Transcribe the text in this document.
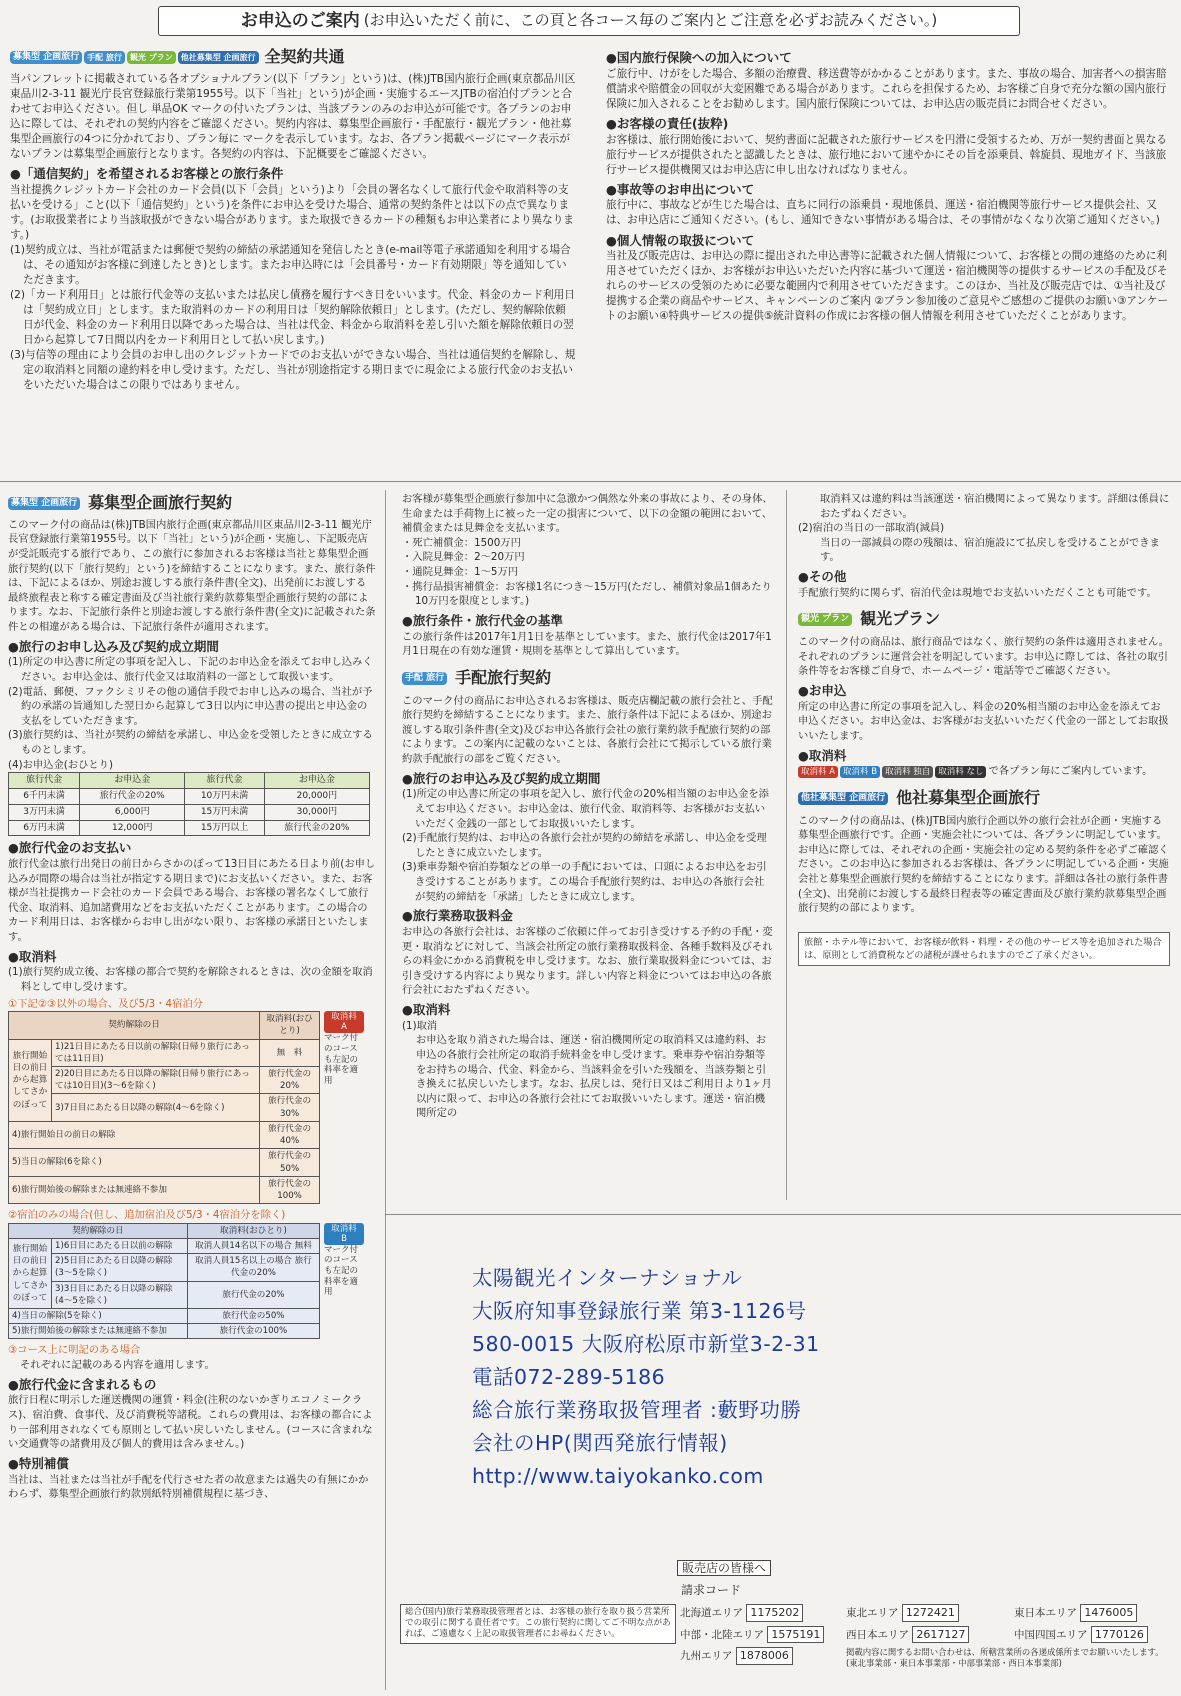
お申込のご案内 (お申込いただく前に、この頁と各コース毎のご案内とご注意を必ずお読みください。)
募集型 企画旅行	手配 旅行	観光 プラン	他社募集型 企画旅行 全契約共通

当パンフレットに掲載されている各オプショナルプラン(以下「プラン」という)は、(株)JTB国内旅行企画(東京都品川区東品川2-3-11 観光庁長官登録旅行業第1955号。以下「当社」という)が企画・実施するエースJTBの宿泊付プランと合わせてお申込ください。但し 単品OK マークの付いたプランは、当該プランのみのお申込が可能です。各プランのお申込に際しては、それぞれの契約内容をご確認ください。契約内容は、募集型企画旅行・手配旅行・観光プラン・他社募集型企画旅行の4つに分かれており、プラン毎に マークを表示しています。なお、各プラン掲載ページにマーク表示がないプランは募集型企画旅行となります。各契約の内容は、下記概要をご確認ください。

●「通信契約」を希望されるお客様との旅行条件

当社提携クレジットカード会社のカード会員(以下「会員」という)より「会員の署名なくして旅行代金や取消料等の支払いを受ける」こと(以下「通信契約」という)を条件にお申込を受けた場合、通常の契約条件とは以下の点で異なります。(お取扱業者により当該取扱ができない場合があります。また取扱できるカードの種類もお申込業者により異なります。)

(1)契約成立は、当社が電話または郵便で契約の締結の承諾通知を発信したとき(e-mail等電子承諾通知を利用する場合は、その通知がお客様に到達したとき)とします。またお申込時には「会員番号・カード有効期限」等を通知していただきます。

(2)「カード利用日」とは旅行代金等の支払いまたは払戻し債務を履行すべき日をいいます。代金、料金のカード利用日は「契約成立日」とします。また取消料のカードの利用日は「契約解除依頼日」とします。(ただし、契約解除依頼日が代金、料金のカード利用日以降であった場合は、当社は代金、料金から取消料を差し引いた額を解除依頼日の翌日から起算して7日間以内をカード利用日として払い戻します。)

(3)与信等の理由により会員のお申し出のクレジットカードでのお支払いができない場合、当社は通信契約を解除し、規定の取消料と同額の違約料を申し受けます。ただし、当社が別途指定する期日までに現金による旅行代金のお支払いをいただいた場合はこの限りではありません。

●国内旅行保険への加入について

ご旅行中、けがをした場合、多額の治療費、移送費等がかかることがあります。また、事故の場合、加害者への損害賠償請求や賠償金の回収が大変困難である場合があります。これらを担保するため、お客様ご自身で充分な額の国内旅行保険に加入されることをお勧めします。国内旅行保険については、お申込店の販売員にお問合せください。

●お客様の責任(抜粋)

お客様は、旅行開始後において、契約書面に記載された旅行サービスを円滑に受領するため、万が一契約書面と異なる旅行サービスが提供されたと認識したときは、旅行地において速やかにその旨を添乗員、斡旋員、現地ガイド、当該旅行サービス提供機関又はお申込店に申し出なければなりません。

●事故等のお申出について

旅行中に、事故などが生じた場合は、直ちに同行の添乗員・現地係員、運送・宿泊機関等旅行サービス提供会社、又は、お申込店にご通知ください。(もし、通知できない事情がある場合は、その事情がなくなり次第ご通知ください。)

●個人情報の取扱について

当社及び販売店は、お申込の際に提出された申込書等に記載された個人情報について、お客様との間の連絡のために利用させていただくほか、お客様がお申込いただいた内容に基づいて運送・宿泊機関等の提供するサービスの手配及びそれらのサービスの受領のために必要な範囲内で利用させていただきます。このほか、当社及び販売店では、①当社及び提携する企業の商品やサービス、キャンペーンのご案内 ②プラン参加後のご意見やご感想のご提供のお願い③アンケートのお願い④特典サービスの提供⑤統計資料の作成にお客様の個人情報を利用させていただくことがあります。

募集型 企画旅行 募集型企画旅行契約

このマーク付の商品は(株)JTB国内旅行企画(東京都品川区東品川2-3-11 観光庁長官登録旅行業第1955号。以下「当社」という)が企画・実施し、下記販売店が受託販売する旅行であり、この旅行に参加されるお客様は当社と募集型企画旅行契約(以下「旅行契約」という)を締結することになります。また、旅行条件は、下記によるほか、別途お渡しする旅行条件書(全文)、出発前にお渡しする最終旅程表と称する確定書面及び当社旅行業約款募集型企画旅行契約の部によります。なお、下記旅行条件と別途お渡しする旅行条件書(全文)に記載された条件との相違がある場合は、下記旅行条件が適用されます。

●旅行のお申し込み及び契約成立期間

(1)所定の申込書に所定の事項を記入し、下記のお申込金を添えてお申し込みください。お申込金は、旅行代金又は取消料の一部として取扱います。

(2)電話、郵便、ファクシミリその他の通信手段でお申し込みの場合、当社が予約の承諾の旨通知した翌日から起算して3日以内に申込書の提出と申込金の支払をしていただきます。

(3)旅行契約は、当社が契約の締結を承諾し、申込金を受領したときに成立するものとします。

(4)お申込金(おひとり)

旅行代金	お申込金	旅行代金	お申込金
6千円未満	旅行代金の20%	10万円未満	20,000円
3万円未満	6,000円	15万円未満	30,000円
6万円未満	12,000円	15万円以上	旅行代金の20%
●旅行代金のお支払い

旅行代金は旅行出発日の前日からさかのぼって13日目にあたる日より前(お申し込みが間際の場合は当社が指定する期日まで)にお支払いください。また、お客様が当社提携カード会社のカード会員である場合、お客様の署名なくして旅行代金、取消料、追加諸費用などをお支払いただくことがあります。この場合のカード利用日は、お客様からお申し出がない限り、お客様の承諾日といたします。

●取消料

(1)旅行契約成立後、お客様の都合で契約を解除されるときは、次の金額を取消料として申し受けます。

①下記②③以外の場合、及び5/3・4宿泊分

契約解除の日		取消料(おひとり)
旅行開始日の前日から起算してさかのぼって	1)21日目にあたる日以前の解除(日帰り旅行にあっては11日目)	無　料
	2)20日目にあたる日以降の解除(日帰り旅行にあっては10日目)(3〜6を除く)	旅行代金の20%
	3)7日目にあたる日以降の解除(4〜6を除く)	旅行代金の30%
4)旅行開始日の前日の解除		旅行代金の40%
5)当日の解除(6を除く)		旅行代金の50%
6)旅行開始後の解除または無連絡不参加		旅行代金の100%
取消料 A

マーク付のコースも左記の料率を適用

②宿泊のみの場合(但し、追加宿泊及び5/3・4宿泊分を除く)

契約解除の日		取消料(おひとり)
旅行開始日の前日から起算してさかのぼって	1)6日目にあたる日以前の解除	取消人員14名以下の場合 無料
	2)5日目にあたる日以降の解除(3〜5を除く)	取消人員15名以上の場合 旅行代金の20%
	3)3日目にあたる日以降の解除(4〜5を除く)	旅行代金の20%
4)当日の解除(5を除く)		旅行代金の50%
5)旅行開始後の解除または無連絡不参加		旅行代金の100%
取消料 B

マーク付のコースも左記の料率を適用

③コース上に明記のある場合

それぞれに記載のある内容を適用します。

●旅行代金に含まれるもの

旅行日程に明示した運送機関の運賃・料金(注釈のないかぎりエコノミークラス)、宿泊費、食事代、及び消費税等諸税。これらの費用は、お客様の都合により一部利用されなくても原則として払い戻しいたしません。(コースに含まれない交通費等の諸費用及び個人的費用は含みません。)

●特別補償

当社は、当社または当社が手配を代行させた者の故意または過失の有無にかかわらず、募集型企画旅行約款別紙特別補償規程に基づき、

お客様が募集型企画旅行参加中に急激かつ偶然な外来の事故により、その身体、生命または手荷物上に被った一定の損害について、以下の金額の範囲において、補償金または見舞金を支払います。

・死亡補償金：1500万円

・入院見舞金：2〜20万円

・通院見舞金：1〜5万円

・携行品損害補償金：お客様1名につき〜15万円(ただし、補償対象品1個あたり10万円を限度とします。)

●旅行条件・旅行代金の基準

この旅行条件は2017年1月1日を基準としています。また、旅行代金は2017年1月1日現在の有効な運賃・規則を基準として算出しています。

手配 旅行 手配旅行契約

このマーク付の商品にお申込されるお客様は、販売店欄記載の旅行会社と、手配旅行契約を締結することになります。また、旅行条件は下記によるほか、別途お渡しする取引条件書(全文)及びお申込各旅行会社の旅行業約款手配旅行契約の部によります。この案内に記載のないことは、各旅行会社にて掲示している旅行業約款手配旅行の部をご覧ください。

●旅行のお申込み及び契約成立期間

(1)所定の申込書に所定の事項を記入し、旅行代金の20%相当額のお申込金を添えてお申込ください。お申込金は、旅行代金、取消料等、お客様がお支払いいただく金銭の一部としてお取扱いいたします。

(2)手配旅行契約は、お申込の各旅行会社が契約の締結を承諾し、申込金を受理したときに成立いたします。

(3)乗車券類や宿泊券類などの単一の手配においては、口頭によるお申込をお引き受けすることがあります。この場合手配旅行契約は、お申込の各旅行会社が契約の締結を「承諾」したときに成立します。

●旅行業務取扱料金

お申込の各旅行会社は、お客様のご依頼に伴ってお引き受けする予約の手配・変更・取消などに対して、当該会社所定の旅行業務取扱料金、各種手数料及びそれらの料金にかかる消費税を申し受けます。なお、旅行業取扱料金については、お引き受けする内容により異なります。詳しい内容と料金についてはお申込の各旅行会社におたずねください。

●取消料

(1)取消

お申込を取り消された場合は、運送・宿泊機関所定の取消料又は違約料、お申込の各旅行会社所定の取消手続料金を申し受けます。乗車券や宿泊券類等をお持ちの場合、代金、料金から、当該料金を引いた残額を、当該券類と引き換えに払戻しいたします。なお、払戻しは、発行日又はご利用日より1ヶ月以内に限って、お申込の各旅行会社にてお取扱いいたします。運送・宿泊機関所定の

取消料又は違約料は当該運送・宿泊機関によって異なります。詳細は係員におたずねください。

(2)宿泊の当日の一部取消(減員)

当日の一部減員の際の残額は、宿泊施設にて払戻しを受けることができます。

●その他

手配旅行契約に関らず、宿泊代金は現地でお支払いいただくことも可能です。

観光 プラン 観光プラン

このマーク付の商品は、旅行商品ではなく、旅行契約の条件は適用されません。それぞれのプランに運営会社を明記しています。お申込に際しては、各社の取引条件等をお客様ご自身で、ホームページ・電話等でご確認ください。

●お申込

所定の申込書に所定の事項を記入し、料金の20%相当額のお申込金を添えてお申込ください。お申込金は、お客様がお支払いいただく代金の一部としてお取扱いいたします。

●取消料
取消料 A 取消料 B 取消料 独自 取消料 なし で各プラン毎にご案内しています。
他社募集型 企画旅行 他社募集型企画旅行

このマーク付の商品は、(株)JTB国内旅行企画以外の旅行会社が企画・実施する募集型企画旅行です。企画・実施会社については、各プランに明記しています。お申込に際しては、それぞれの企画・実施会社の定める契約条件を必ずご確認ください。このお申込に参加されるお客様は、各プランに明記している企画・実施会社と募集型企画旅行契約を締結することになります。詳細は各社の旅行条件書(全文)、出発前にお渡しする最終日程表等の確定書面及び旅行業約款募集型企画旅行契約の部によります。

旅館・ホテル等において、お客様が飲料・料理・その他のサービス等を追加された場合は、原則として消費税などの諸税が課せられますのでご了承ください。

太陽観光インターナショナル
大阪府知事登録旅行業 第3-1126号
580-0015 大阪府松原市新堂3-2-31
電話072-289-5186
総合旅行業務取扱管理者 :藪野功勝
会社のHP(関西発旅行情報)
http://www.taiyokanko.com
販売店の皆様へ
請求コード

総合(国内)旅行業務取扱管理者とは、お客様の旅行を取り扱う営業所での取引に関する責任者です。この旅行契約に関してご不明な点があれば、ご遠慮なく上記の取扱管理者にお尋ねください。

北海道エリア 1175202	東北エリア 1272421	東日本エリア 1476005
中部・北陸エリア 1575191	西日本エリア 2617127	中国四国エリア 1770126
九州エリア 1878006	掲載内容に関するお問い合わせは、所轄営業所の各递成係所までお願いいたします。(東北事業部・東日本事業部・中部事業部・西日本事業部)
